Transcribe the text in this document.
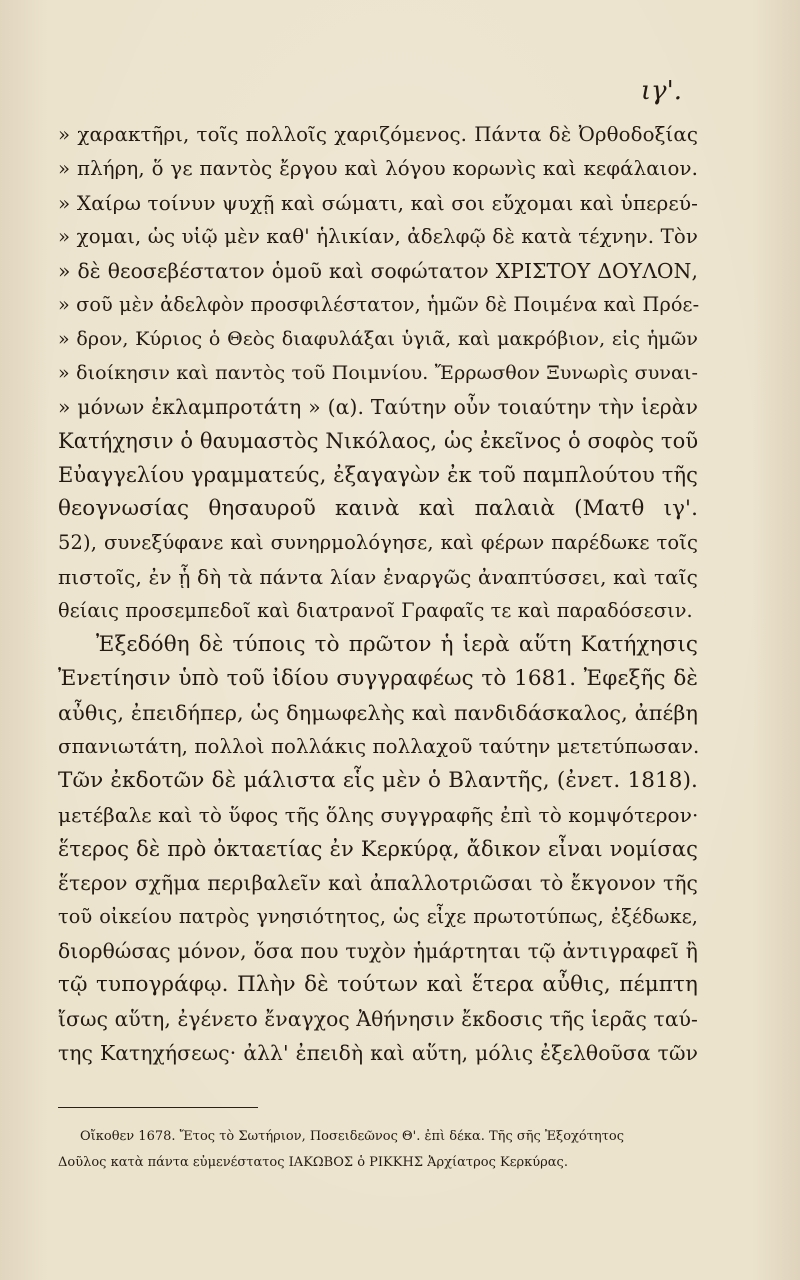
ιγ'.
» χαρακτῆρι, τοῖς πολλοῖς χαριζόμενος. Πάντα δὲ Ὀρθοδοξίας
» πλήρη, ὅ γε παντὸς ἔργου καὶ λόγου κορωνὶς καὶ κεφάλαιον.
» Χαίρω τοίνυν ψυχῇ καὶ σώματι, καὶ σοι εὔχομαι καὶ ὑπερεύ-
» χομαι, ὡς υἱῷ μὲν καθ' ἡλικίαν, ἀδελφῷ δὲ κατὰ τέχνην. Τὸν
» δὲ θεοσεβέστατον ὁμοῦ καὶ σοφώτατον ΧΡΙΣΤΟΥ ΔΟΥΛΟΝ,
» σοῦ μὲν ἀδελφὸν προσφιλέστατον, ἡμῶν δὲ Ποιμένα καὶ Πρόε-
» δρον, Κύριος ὁ Θεὸς διαφυλάξαι ὑγιᾶ, καὶ μακρόβιον, εἰς ἡμῶν
» διοίκησιν καὶ παντὸς τοῦ Ποιμνίου. Ἔρρωσθον Ξυνωρὶς συναι-
» μόνων ἐκλαμπροτάτη » (α). Ταύτην οὖν τοιαύτην τὴν ἱερὰν
Κατήχησιν ὁ θαυμαστὸς Νικόλαος, ὡς ἐκεῖνος ὁ σοφὸς τοῦ
Εὐαγγελίου γραμματεύς, ἐξαγαγὼν ἐκ τοῦ παμπλούτου τῆς
θεογνωσίας θησαυροῦ καινὰ καὶ παλαιὰ (Ματθ ιγ'.
52), συνεξύφανε καὶ συνηρμολόγησε, καὶ φέρων παρέδωκε τοῖς
πιστοῖς, ἐν ᾗ δὴ τὰ πάντα λίαν ἐναργῶς ἀναπτύσσει, καὶ ταῖς
θείαις προσεμπεδοῖ καὶ διατρανοῖ Γραφαῖς τε καὶ παραδόσεσιν.
Ἐξεδόθη δὲ τύποις τὸ πρῶτον ἡ ἱερὰ αὕτη Κατήχησις
Ἐνετίησιν ὑπὸ τοῦ ἰδίου συγγραφέως τὸ 1681. Ἐφεξῆς δὲ
αὖθις, ἐπειδήπερ, ὡς δημωφελὴς καὶ πανδιδάσκαλος, ἀπέβη
σπανιωτάτη, πολλοὶ πολλάκις πολλαχοῦ ταύτην μετετύπωσαν.
Τῶν ἐκδοτῶν δὲ μάλιστα εἷς μὲν ὁ Βλαντῆς, (ἐνετ. 1818).
μετέβαλε καὶ τὸ ὕφος τῆς ὅλης συγγραφῆς ἐπὶ τὸ κομψότερον·
ἕτερος δὲ πρὸ ὀκταετίας ἐν Κερκύρᾳ, ἄδικον εἶναι νομίσας
ἕτερον σχῆμα περιβαλεῖν καὶ ἀπαλλοτριῶσαι τὸ ἔκγονον τῆς
τοῦ οἰκείου πατρὸς γνησιότητος, ὡς εἶχε πρωτοτύπως, ἐξέδωκε,
διορθώσας μόνον, ὅσα που τυχὸν ἡμάρτηται τῷ ἀντιγραφεῖ ἢ
τῷ τυπογράφῳ. Πλὴν δὲ τούτων καὶ ἕτερα αὖθις, πέμπτη
ἴσως αὕτη, ἐγένετο ἔναγχος Ἀθήνησιν ἔκδοσις τῆς ἱερᾶς ταύ-
της Κατηχήσεως· ἀλλ' ἐπειδὴ καὶ αὕτη, μόλις ἐξελθοῦσα τῶν
Οἴκοθεν 1678. Ἔτος τὸ Σωτήριον, Ποσειδεῶνος Θ'. ἐπὶ δέκα. Τῆς σῆς Ἐξοχότητος
Δοῦλος κατὰ πάντα εὐμενέστατος ΙΑΚΩΒΟΣ ὁ ΡΙΚΚΗΣ Ἀρχίατρος Κερκύρας.
